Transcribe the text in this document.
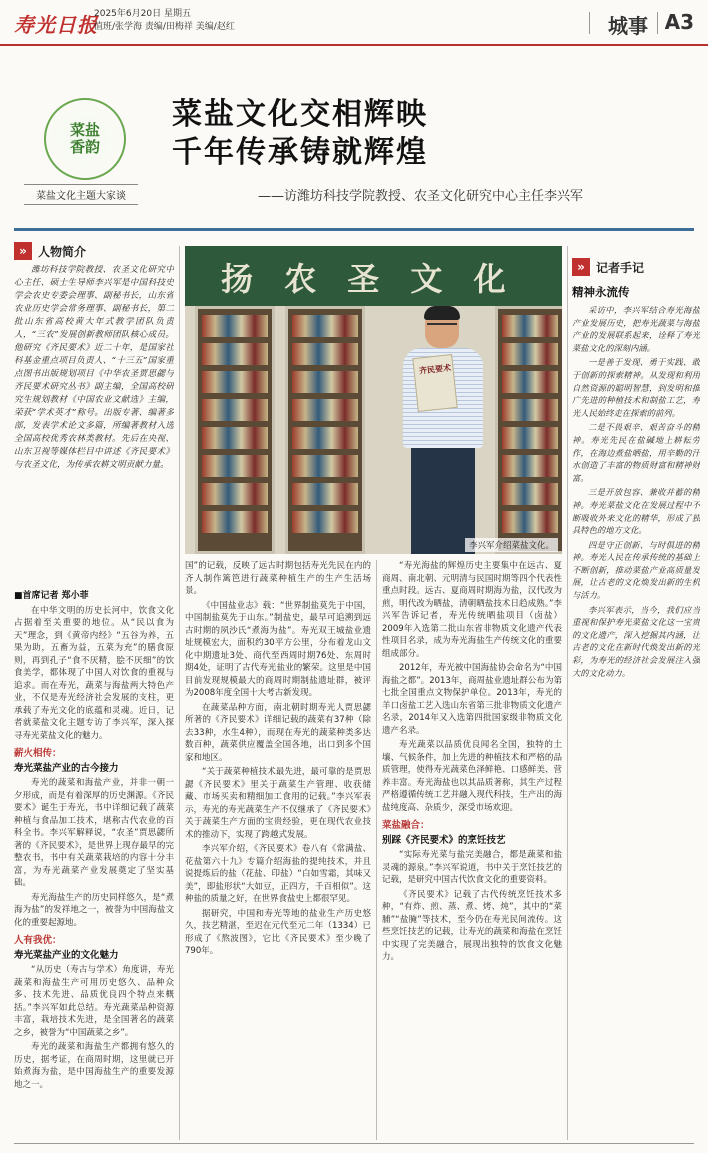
寿光日报
2025年6月20日 星期五
值班/张学海 责编/田梅祥 美编/赵红	城事 A3
菜盐
香韵
菜盐文化主题大家谈
菜盐文化交相辉映
千年传承铸就辉煌
——访潍坊科技学院教授、农圣文化研究中心主任李兴军
» 人物简介

潍坊科技学院教授、农圣文化研究中心主任、硕士生导师李兴军是中国科技史学会农史专委会理事、副秘书长，山东省农业历史学会常务理事、副秘书长，第二批山东省高校黄大年式教学团队负责人，“三农”发展创新教师团队核心成员。他研究《齐民要术》近二十年，是国家社科基金重点项目负责人、“十三五”国家重点图书出版规划项目《中华农圣贾思勰与齐民要术研究丛书》副主编，全国高校研究生规划教材《中国农业文献选》主编，荣获“学术英才”称号。出版专著、编著多部，发表学术论文多篇，所编著教材入选全国高校优秀农林类教材。先后在央视、山东卫视等媒体栏目中讲述《齐民要术》与农圣文化，为传承农耕文明贡献力量。

■首席记者 郑小菲

在中华文明的历史长河中，饮食文化占据着至关重要的地位。从“民以食为天”理念，到《黄帝内经》“五谷为养，五果为助，五畜为益，五菜为充”的膳食原则，再到孔子“食不厌精，脍不厌细”的饮食美学，都体现了中国人对饮食的重视与追求。而在寿光，蔬菜与海盐两大特色产业，不仅是寿光经济社会发展的支柱，更承载了寿光文化的底蕴和灵魂。近日，记者就菜盐文化主题专访了李兴军，深入探寻寿光菜盐文化的魅力。

薪火相传：

寿光菜盐产业的古今接力

寿光的蔬菜和海盐产业，并非一朝一夕形成，而是有着深厚的历史渊源。《齐民要术》诞生于寿光，书中详细记载了蔬菜种植与食品加工技术，堪称古代农业的百科全书。李兴军解释说，“农圣”贾思勰所著的《齐民要术》，是世界上现存最早的完整农书，书中有关蔬菜栽培的内容十分丰富，为寿光蔬菜产业发展奠定了坚实基础。

寿光海盐生产的历史同样悠久，是“煮海为盐”的发祥地之一，被誉为中国海盐文化的重要起源地。

人有我优：

寿光菜盐产业的文化魅力

“从历史（寿古与学术）角度讲，寿光蔬菜和海盐生产可用历史悠久、品种众多、技术先进、品质优良四个特点来概括。”李兴军如此总结。寿光蔬菜品种资源丰富，栽培技术先进，是全国著名的蔬菜之乡，被誉为“中国蔬菜之乡”。

寿光的蔬菜和海盐生产都拥有悠久的历史，据考证，在商周时期，这里就已开始煮海为盐，是中国海盐生产的重要发源地之一。

扬 农 圣 文 化
齐民要术
李兴军介绍菜盐文化。

国”的记载，反映了远古时期包括寿光先民在内的齐人制作篱笆进行蔬菜种植生产的生产生活场景。

《中国盐业志》载：“世界制盐莫先于中国，中国制盐莫先于山东。”制盐史，最早可追溯到远古时期的夙沙氏“煮海为盐”。寿光双王城盐业遗址规模宏大，面积约30平方公里，分布着龙山文化中期遗址3处、商代至西周时期76处、东周时期4处，证明了古代寿光盐业的繁荣。这里是中国目前发现规模最大的商周时期制盐遗址群，被评为2008年度全国十大考古新发现。

在蔬菜品种方面，南北朝时期寿光人贾思勰所著的《齐民要术》详细记载的蔬菜有37种（除去33种，水生4种），而现在寿光的蔬菜种类多达数百种，蔬菜供应覆盖全国各地，出口到多个国家和地区。

“关于蔬菜种植技术最先进，最可靠的是贾思勰《齐民要术》里关于蔬菜生产管理、收获储藏、市场买卖和精细加工食用的记载。”李兴军表示，寿光的寿光蔬菜生产不仅继承了《齐民要术》关于蔬菜生产方面的宝贵经验，更在现代农业技术的推动下，实现了跨越式发展。

李兴军介绍，《齐民要术》卷八有《常满盐、花盐第六十九》专篇介绍海盐的提纯技术，并且说提炼后的盐（花盐、印盐）“白如雪霜，其味又美”，即盐形状“大如豆，正四方，千百相似”。这种盐的质量之好，在世界食盐史上都很罕见。

据研究，中国和寿光等地的盐业生产历史悠久，技艺精湛，至迟在元代至元二年（1334）已形成了《熬波图》，它比《齐民要术》至少晚了790年。

“寿光海盐的辉煌历史主要集中在远古、夏商周、南北朝、元明清与民国时期等四个代表性重点时段。远古、夏商周时期海为盐，汉代改为煎，明代改为晒盐，清朝晒盐技术日趋成熟。”李兴军告诉记者，寿光传统晒盐项目（卤盐）2009年入选第二批山东省非物质文化遗产代表性项目名录，成为寿光海盐生产传统文化的重要组成部分。

2012年，寿光被中国海盐协会命名为“中国海盐之都”。2013年，商周盐业遗址群公布为第七批全国重点文物保护单位。2013年，寿光的羊口卤盐工艺入选山东省第三批非物质文化遗产名录，2014年又入选第四批国家级非物质文化遗产名录。

寿光蔬菜以品质优良闻名全国，独特的土壤、气候条件，加上先进的种植技术和严格的品质管理，使得寿光蔬菜色泽鲜艳、口感鲜美、营养丰富。寿光海盐也以其品质著称，其生产过程严格遵循传统工艺并融入现代科技，生产出的海盐纯度高、杂质少，深受市场欢迎。

菜盐融合：

别踩《齐民要术》的烹饪技艺

“实际寿光菜与盐完美融合，都是蔬菜和盐灵魂的源泉。”李兴军说道，书中关于烹饪技艺的记载，是研究中国古代饮食文化的重要资料。

《齐民要术》记载了古代传统烹饪技术多种，“有炸、煎、蒸、煮、烤、炖”，其中的“菜脯”“盐腌”等技术，至今仍在寿光民间流传。这些烹饪技艺的记载，让寿光的蔬菜和海盐在烹饪中实现了完美融合，展现出独特的饮食文化魅力。

» 记者手记
精神永流传

采访中，李兴军结合寿光海盐产业发展历史，把寿光蔬菜与海盐产业的发展联系起来，诠释了寿光菜盐文化的深刻内涵。

一是善于发现、勇于实践、敢于创新的探索精神。从发现和利用自然资源的聪明智慧，到发明和推广先进的种植技术和制盐工艺，寿光人民始终走在探索的前列。

二是不畏艰辛、艰苦奋斗的精神。寿光先民在盐碱地上耕耘劳作，在海边煮盐晒盐，用辛勤的汗水创造了丰富的物质财富和精神财富。

三是开放包容、兼收并蓄的精神。寿光菜盐文化在发展过程中不断吸收外来文化的精华，形成了独具特色的地方文化。

四是守正创新、与时俱进的精神。寿光人民在传承传统的基础上不断创新，推动菜盐产业高质量发展，让古老的文化焕发出新的生机与活力。

李兴军表示，当今，我们应当重视和保护寿光菜盐文化这一宝贵的文化遗产，深入挖掘其内涵，让古老的文化在新时代焕发出新的光彩，为寿光的经济社会发展注入强大的文化动力。
